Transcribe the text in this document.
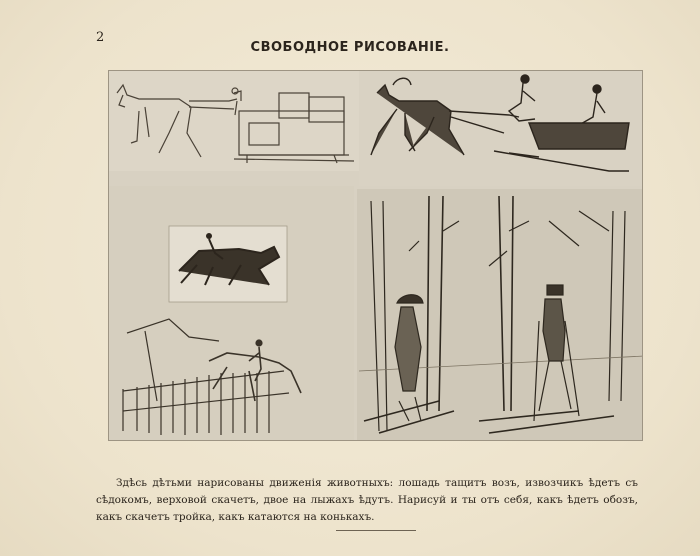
2
СВОБОДНОЕ РИСОВАНІЕ.
Здѣсь дѣтьми нарисованы движенія животныхъ: лошадь тащитъ возъ, извозчикъ ѣдетъ съ сѣдокомъ, верховой скачетъ, двое на лыжахъ ѣдутъ. Нарисуй и ты отъ себя, какъ ѣдетъ обозъ, какъ скачетъ тройка, какъ катаются на конькахъ.
